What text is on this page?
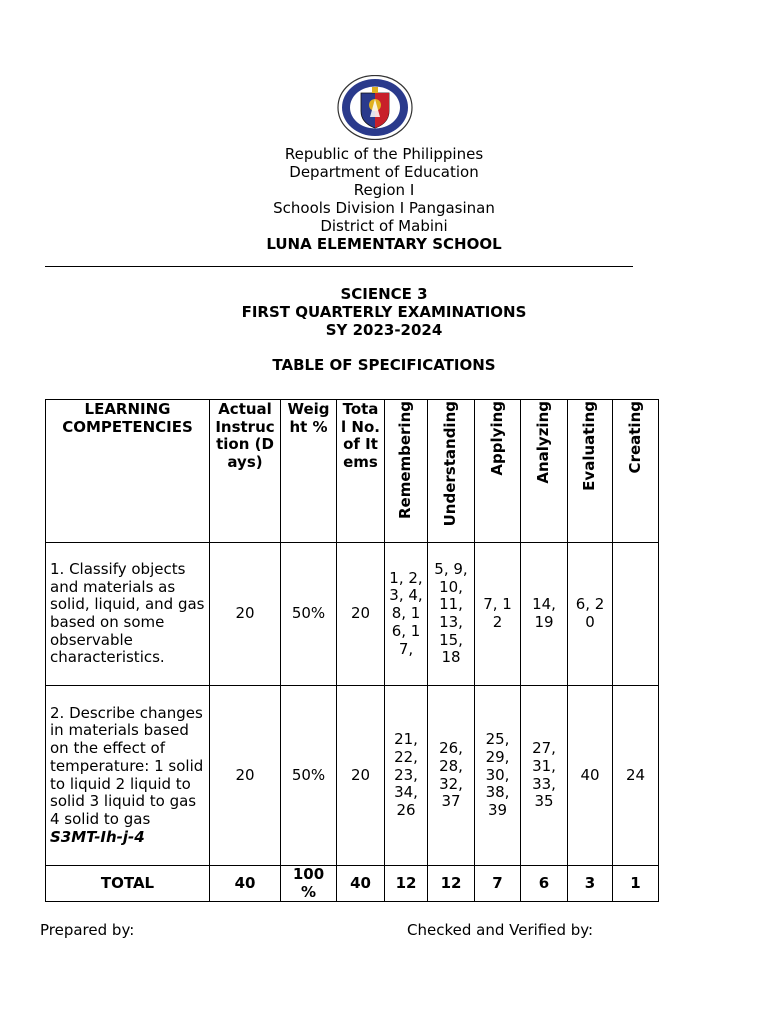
Republic of the Philippines
Department of Education
Region I
Schools Division I Pangasinan
District of Mabini
LUNA ELEMENTARY SCHOOL
SCIENCE 3
FIRST QUARTERLY EXAMINATIONS
SY 2023-2024
TABLE OF SPECIFICATIONS
LEARNING COMPETENCIES	Actual Instruction (Days)	Weight %	Total No. of Items	Remembering	Understanding	Applying	Analyzing	Evaluating	Creating
1. Classify objects and materials as solid, liquid, and gas based on some observable characteristics.	20	50%	20	1, 2, 3, 4, 8, 16, 17,	5, 9, 10, 11, 13, 15, 18	7, 12	14, 19	6, 20	
2. Describe changes in materials based on the effect of temperature: 1 solid to liquid 2 liquid to solid 3 liquid to gas 4 solid to gas
S3MT-Ih-j-4	20	50%	20	21, 22, 23, 34, 26	26, 28, 32, 37	25, 29, 30, 38, 39	27, 31, 33, 35	40	24
TOTAL	40	100 %	40	12	12	7	6	3	1
Prepared by:	Checked and Verified by:
